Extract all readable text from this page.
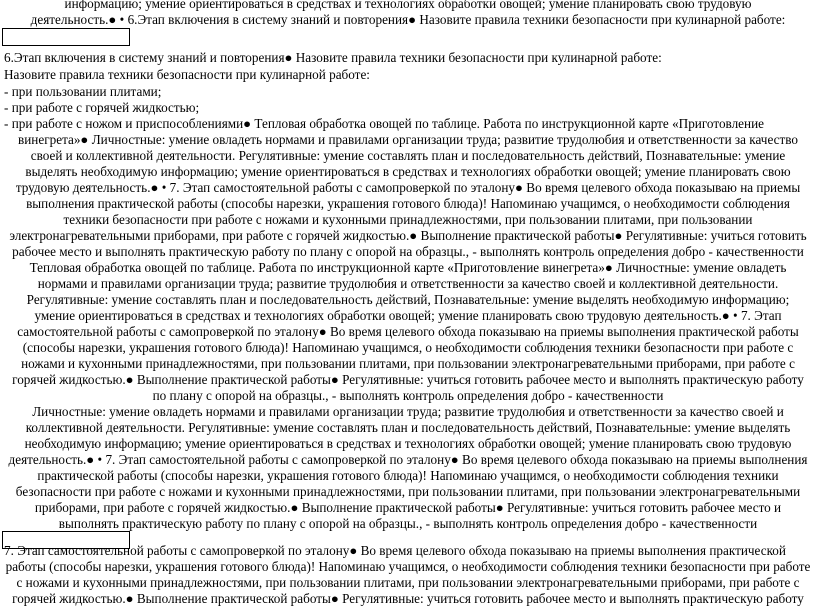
информацию; умение ориентироваться в средствах и технологиях обработки овощей; умение планировать свою трудовую
деятельность.● • 6.Этап включения в систему знаний и повторения● Назовите правила техники безопасности при кулинарной работе:
6.Этап включения в систему знаний и повторения● Назовите правила техники безопасности при кулинарной работе:
Назовите правила техники безопасности при кулинарной работе:
- при пользовании плитами;
- при работе с горячей жидкостью;
- при работе с ножом и приспособлениями● Тепловая обработка овощей по таблице. Работа по инструкционной карте «Приготовление
винегрета»● Личностные: умение овладеть нормами и правилами организации труда; развитие трудолюбия и ответственности за качество
своей и коллективной деятельности. Регулятивные: умение составлять план и последовательность действий, Познавательные: умение
выделять необходимую информацию; умение ориентироваться в средствах и технологиях обработки овощей; умение планировать свою
трудовую деятельность.● • 7. Этап самостоятельной работы с самопроверкой по эталону● Во время целевого обхода показываю на приемы
выполнения практической работы (способы нарезки, украшения готового блюда)! Напоминаю учащимся, о необходимости соблюдения
техники безопасности при работе с ножами и кухонными принадлежностями, при пользовании плитами, при пользовании
электронагревательными приборами, при работе с горячей жидкостью.● Выполнение практической работы● Регулятивные: учиться готовить
рабочее место и выполнять практическую работу по плану с опорой на образцы., - выполнять контроль определения добро - качественности
Тепловая обработка овощей по таблице. Работа по инструкционной карте «Приготовление винегрета»● Личностные: умение овладеть
нормами и правилами организации труда; развитие трудолюбия и ответственности за качество своей и коллективной деятельности.
Регулятивные: умение составлять план и последовательность действий, Познавательные: умение выделять необходимую информацию;
умение ориентироваться в средствах и технологиях обработки овощей; умение планировать свою трудовую деятельность.● • 7. Этап
самостоятельной работы с самопроверкой по эталону● Во время целевого обхода показываю на приемы выполнения практической работы
(способы нарезки, украшения готового блюда)! Напоминаю учащимся, о необходимости соблюдения техники безопасности при работе с
ножами и кухонными принадлежностями, при пользовании плитами, при пользовании электронагревательными приборами, при работе с
горячей жидкостью.● Выполнение практической работы● Регулятивные: учиться готовить рабочее место и выполнять практическую работу
по плану с опорой на образцы., - выполнять контроль определения добро - качественности
Личностные: умение овладеть нормами и правилами организации труда; развитие трудолюбия и ответственности за качество своей и
коллективной деятельности. Регулятивные: умение составлять план и последовательность действий, Познавательные: умение выделять
необходимую информацию; умение ориентироваться в средствах и технологиях обработки овощей; умение планировать свою трудовую
деятельность.● • 7. Этап самостоятельной работы с самопроверкой по эталону● Во время целевого обхода показываю на приемы выполнения
практической работы (способы нарезки, украшения готового блюда)! Напоминаю учащимся, о необходимости соблюдения техники
безопасности при работе с ножами и кухонными принадлежностями, при пользовании плитами, при пользовании электронагревательными
приборами, при работе с горячей жидкостью.● Выполнение практической работы● Регулятивные: учиться готовить рабочее место и
выполнять практическую работу по плану с опорой на образцы., - выполнять контроль определения добро - качественности
7. Этап самостоятельной работы с самопроверкой по эталону● Во время целевого обхода показываю на приемы выполнения практической
работы (способы нарезки, украшения готового блюда)! Напоминаю учащимся, о необходимости соблюдения техники безопасности при работе
с ножами и кухонными принадлежностями, при пользовании плитами, при пользовании электронагревательными приборами, при работе с
горячей жидкостью.● Выполнение практической работы● Регулятивные: учиться готовить рабочее место и выполнять практическую работу
